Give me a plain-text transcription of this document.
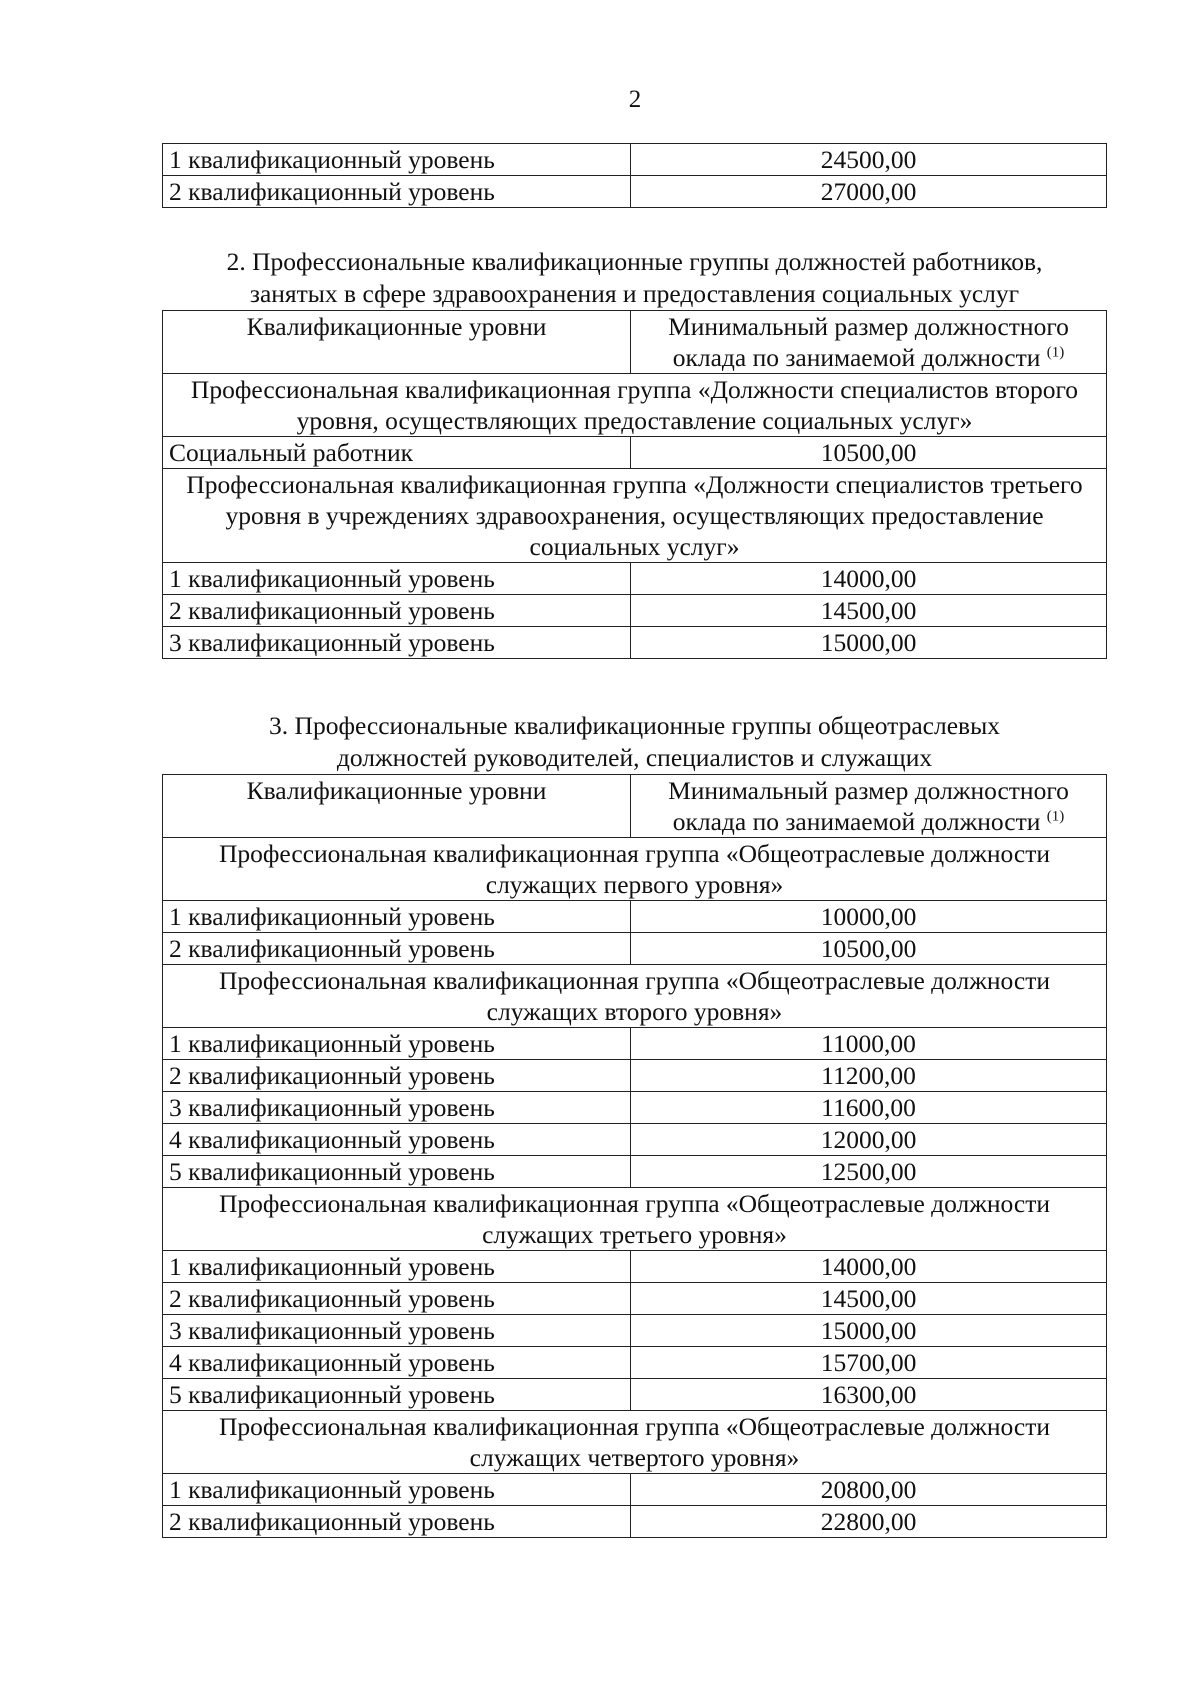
2
1 квалификационный уровень	24500,00
2 квалификационный уровень	27000,00
2. Профессиональные квалификационные группы должностей работников,
занятых в сфере здравоохранения и предоставления социальных услуг
Квалификационные уровни	Минимальный размер должностного оклада по занимаемой должности $^{(1)}$
Профессиональная квалификационная группа «Должности специалистов второго уровня, осуществляющих предоставление социальных услуг»	
Социальный работник	10500,00
Профессиональная квалификационная группа «Должности специалистов третьего уровня в учреждениях здравоохранения, осуществляющих предоставление социальных услуг»	
1 квалификационный уровень	14000,00
2 квалификационный уровень	14500,00
3 квалификационный уровень	15000,00
3. Профессиональные квалификационные группы общеотраслевых
должностей руководителей, специалистов и служащих
Квалификационные уровни	Минимальный размер должностного оклада по занимаемой должности $^{(1)}$
Профессиональная квалификационная группа «Общеотраслевые должности служащих первого уровня»	
1 квалификационный уровень	10000,00
2 квалификационный уровень	10500,00
Профессиональная квалификационная группа «Общеотраслевые должности служащих второго уровня»	
1 квалификационный уровень	11000,00
2 квалификационный уровень	11200,00
3 квалификационный уровень	11600,00
4 квалификационный уровень	12000,00
5 квалификационный уровень	12500,00
Профессиональная квалификационная группа «Общеотраслевые должности служащих третьего уровня»	
1 квалификационный уровень	14000,00
2 квалификационный уровень	14500,00
3 квалификационный уровень	15000,00
4 квалификационный уровень	15700,00
5 квалификационный уровень	16300,00
Профессиональная квалификационная группа «Общеотраслевые должности служащих четвертого уровня»	
1 квалификационный уровень	20800,00
2 квалификационный уровень	22800,00
